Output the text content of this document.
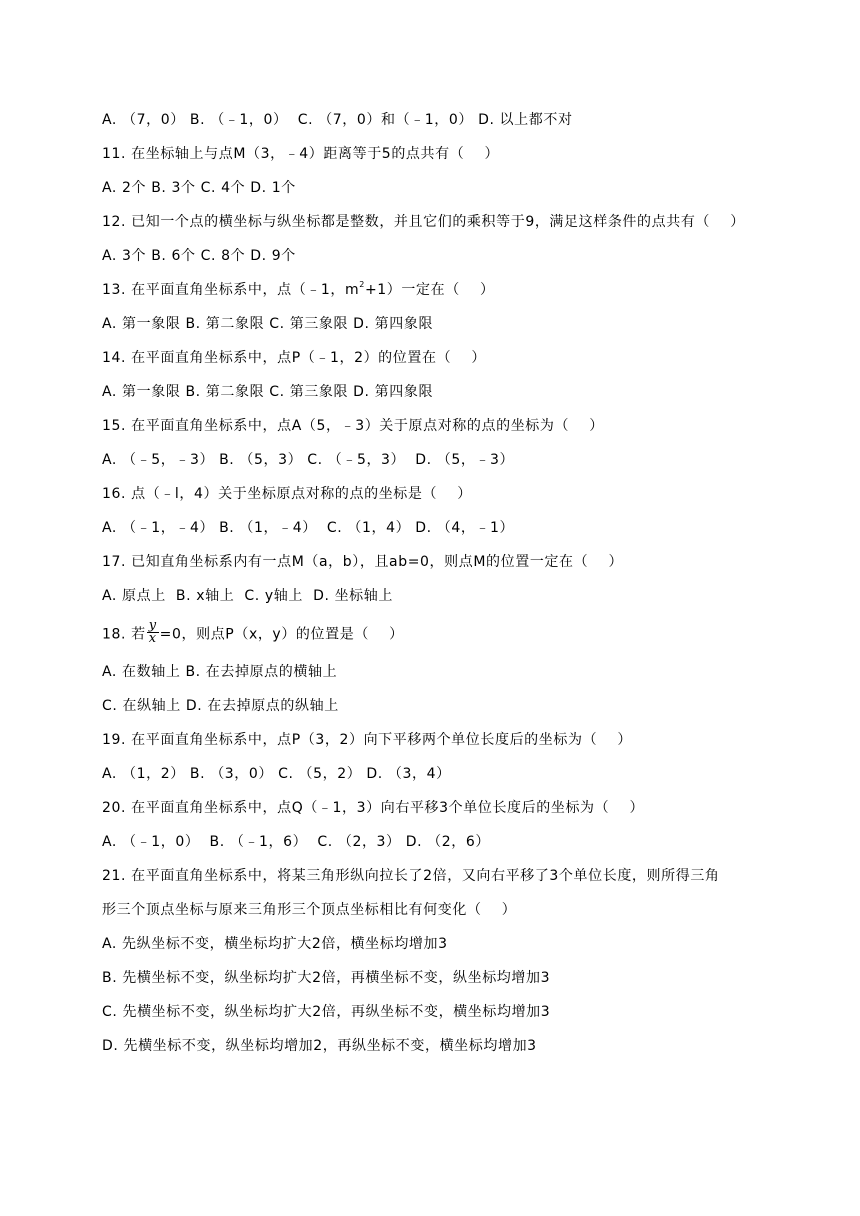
A. （7，0） B. （﹣1，0）  C. （7，0）和（﹣1，0） D. 以上都不对
11. 在坐标轴上与点M（3，﹣4）距离等于5的点共有（    ）
A. 2个 B. 3个 C. 4个 D. 1个
12. 已知一个点的横坐标与纵坐标都是整数，并且它们的乘积等于9，满足这样条件的点共有（    ）
A. 3个 B. 6个 C. 8个 D. 9个
13. 在平面直角坐标系中，点（﹣1，$m^2+1$）一定在（    ）
A. 第一象限 B. 第二象限 C. 第三象限 D. 第四象限
14. 在平面直角坐标系中，点P（﹣1，2）的位置在（    ）
A. 第一象限 B. 第二象限 C. 第三象限 D. 第四象限
15. 在平面直角坐标系中，点A（5，﹣3）关于原点对称的点的坐标为（    ）
A. （﹣5，﹣3） B. （5，3） C. （﹣5，3）  D. （5，﹣3）
16. 点（﹣l，4）关于坐标原点对称的点的坐标是（    ）
A. （﹣1，﹣4） B. （1，﹣4）  C. （1，4） D. （4，﹣1）
17. 已知直角坐标系内有一点M（a，b），且ab=0，则点M的位置一定在（    ）
A. 原点上  B. x轴上  C. y轴上  D. 坐标轴上
18. 若 $\frac{y}{x} =0$，则点P（x，y）的位置是（    ）
A. 在数轴上 B. 在去掉原点的横轴上
C. 在纵轴上 D. 在去掉原点的纵轴上
19. 在平面直角坐标系中，点P（3，2）向下平移两个单位长度后的坐标为（    ）
A. （1，2） B. （3，0） C. （5，2） D. （3，4）
20. 在平面直角坐标系中，点Q（﹣1，3）向右平移3个单位长度后的坐标为（    ）
A. （﹣1，0）  B. （﹣1，6）  C. （2，3） D. （2，6）
21. 在平面直角坐标系中，将某三角形纵向拉长了2倍，又向右平移了3个单位长度，则所得三角
形三个顶点坐标与原来三角形三个顶点坐标相比有何变化（    ）
A. 先纵坐标不变，横坐标均扩大2倍，横坐标均增加3
B. 先横坐标不变，纵坐标均扩大2倍，再横坐标不变，纵坐标均增加3
C. 先横坐标不变，纵坐标均扩大2倍，再纵坐标不变，横坐标均增加3
D. 先横坐标不变，纵坐标均增加2，再纵坐标不变，横坐标均增加3
